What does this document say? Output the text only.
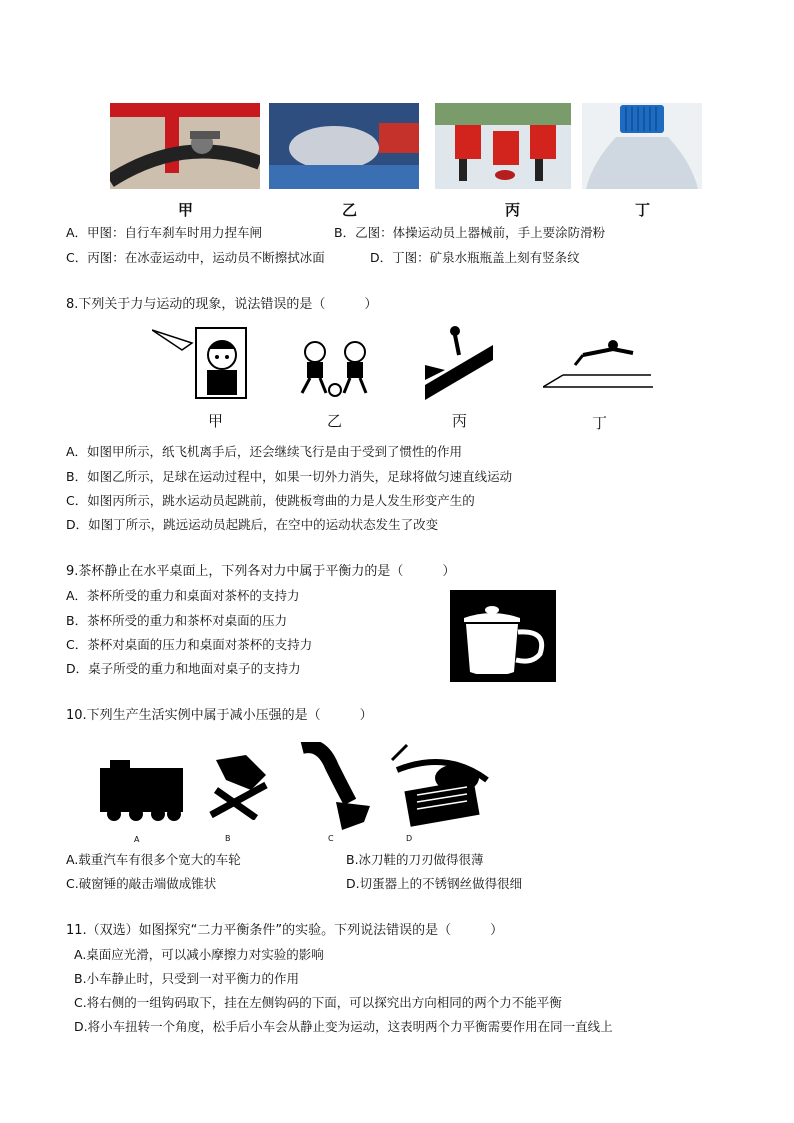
甲	乙	丙	丁
A．甲图：自行车刹车时用力捏车闸	B．乙图：体操运动员上器械前，手上要涂防滑粉
C．丙图：在冰壶运动中，运动员不断擦拭冰面	D．丁图：矿泉水瓶瓶盖上刻有竖条纹
8.下列关于力与运动的现象，说法错误的是（　　　）
甲	乙	丙	丁
A．如图甲所示，纸飞机离手后，还会继续飞行是由于受到了惯性的作用
B．如图乙所示，足球在运动过程中，如果一切外力消失，足球将做匀速直线运动
C．如图丙所示，跳水运动员起跳前，使跳板弯曲的力是人发生形变产生的
D．如图丁所示，跳远运动员起跳后，在空中的运动状态发生了改变
9.茶杯静止在水平桌面上，下列各对力中属于平衡力的是（　　　）
A．茶杯所受的重力和桌面对茶杯的支持力
B．茶杯所受的重力和茶杯对桌面的压力
C．茶杯对桌面的压力和桌面对茶杯的支持力
D．桌子所受的重力和地面对桌子的支持力
10.下列生产生活实例中属于减小压强的是（　　　）
A	B	C	D
A.载重汽车有很多个宽大的车轮	B.冰刀鞋的刀刃做得很薄
C.破窗锤的敲击端做成锥状	D.切蛋器上的不锈钢丝做得很细
11.（双选）如图探究“二力平衡条件”的实验。下列说法错误的是（　　　）
A.桌面应光滑，可以减小摩擦力对实验的影响
B.小车静止时，只受到一对平衡力的作用
C.将右侧的一组钩码取下，挂在左侧钩码的下面，可以探究出方向相同的两个力不能平衡
D.将小车扭转一个角度，松手后小车会从静止变为运动，这表明两个力平衡需要作用在同一直线上
